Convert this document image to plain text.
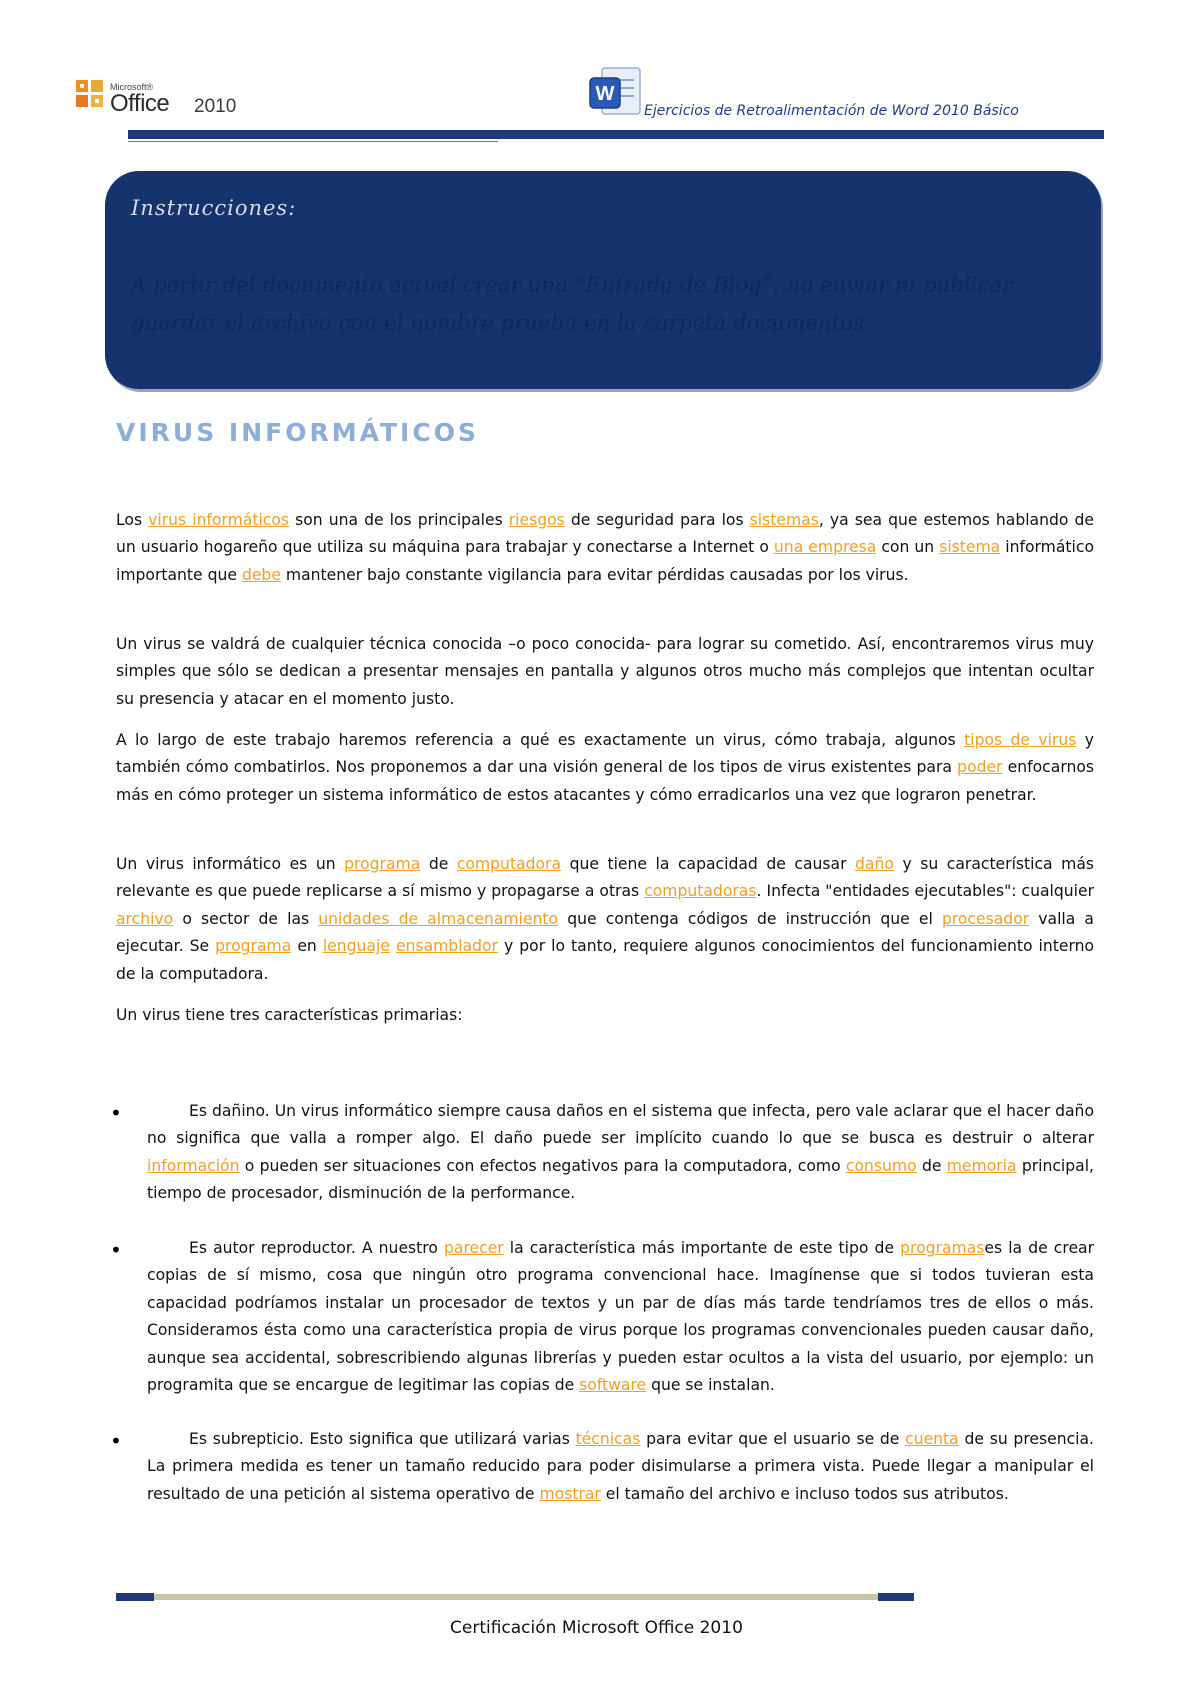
Microsoft®
Office 2010
W
Ejercicios de Retroalimentación de Word 2010 Básico
Instrucciones:
A partir del documento actual crear una “Entrada de Blog”, no enviar ni publicar guardar el archivo con el nombre prueba en la carpeta documentos
VIRUS INFORMÁTICOS
Los virus informáticos son una de los principales riesgos de seguridad para los sistemas, ya sea que estemos hablando de un usuario hogareño que utiliza su máquina para trabajar y conectarse a Internet o una empresa con un sistema informático importante que debe mantener bajo constante vigilancia para evitar pérdidas causadas por los virus.
Un virus se valdrá de cualquier técnica conocida –o poco conocida- para lograr su cometido. Así, encontraremos virus muy simples que sólo se dedican a presentar mensajes en pantalla y algunos otros mucho más complejos que intentan ocultar su presencia y atacar en el momento justo.
A lo largo de este trabajo haremos referencia a qué es exactamente un virus, cómo trabaja, algunos tipos de virus y también cómo combatirlos. Nos proponemos a dar una visión general de los tipos de virus existentes para poder enfocarnos más en cómo proteger un sistema informático de estos atacantes y cómo erradicarlos una vez que lograron penetrar.
Un virus informático es un programa de computadora que tiene la capacidad de causar daño y su característica más relevante es que puede replicarse a sí mismo y propagarse a otras computadoras. Infecta "entidades ejecutables": cualquier archivo o sector de las unidades de almacenamiento que contenga códigos de instrucción que el procesador valla a ejecutar. Se programa en lenguaje ensamblador y por lo tanto, requiere algunos conocimientos del funcionamiento interno de la computadora.
Un virus tiene tres características primarias:
•	Es dañino. Un virus informático siempre causa daños en el sistema que infecta, pero vale aclarar que el hacer daño no significa que valla a romper algo. El daño puede ser implícito cuando lo que se busca es destruir o alterar información o pueden ser situaciones con efectos negativos para la computadora, como consumo de memoria principal, tiempo de procesador, disminución de la performance.
•	Es autor reproductor. A nuestro parecer la característica más importante de este tipo de programases la de crear copias de sí mismo, cosa que ningún otro programa convencional hace. Imagínense que si todos tuvieran esta capacidad podríamos instalar un procesador de textos y un par de días más tarde tendríamos tres de ellos o más. Consideramos ésta como una característica propia de virus porque los programas convencionales pueden causar daño, aunque sea accidental, sobrescribiendo algunas librerías y pueden estar ocultos a la vista del usuario, por ejemplo: un programita que se encargue de legitimar las copias de software que se instalan.
•	Es subrepticio. Esto significa que utilizará varias técnicas para evitar que el usuario se de cuenta de su presencia. La primera medida es tener un tamaño reducido para poder disimularse a primera vista. Puede llegar a manipular el resultado de una petición al sistema operativo de mostrar el tamaño del archivo e incluso todos sus atributos.
Certificación Microsoft Office 2010
